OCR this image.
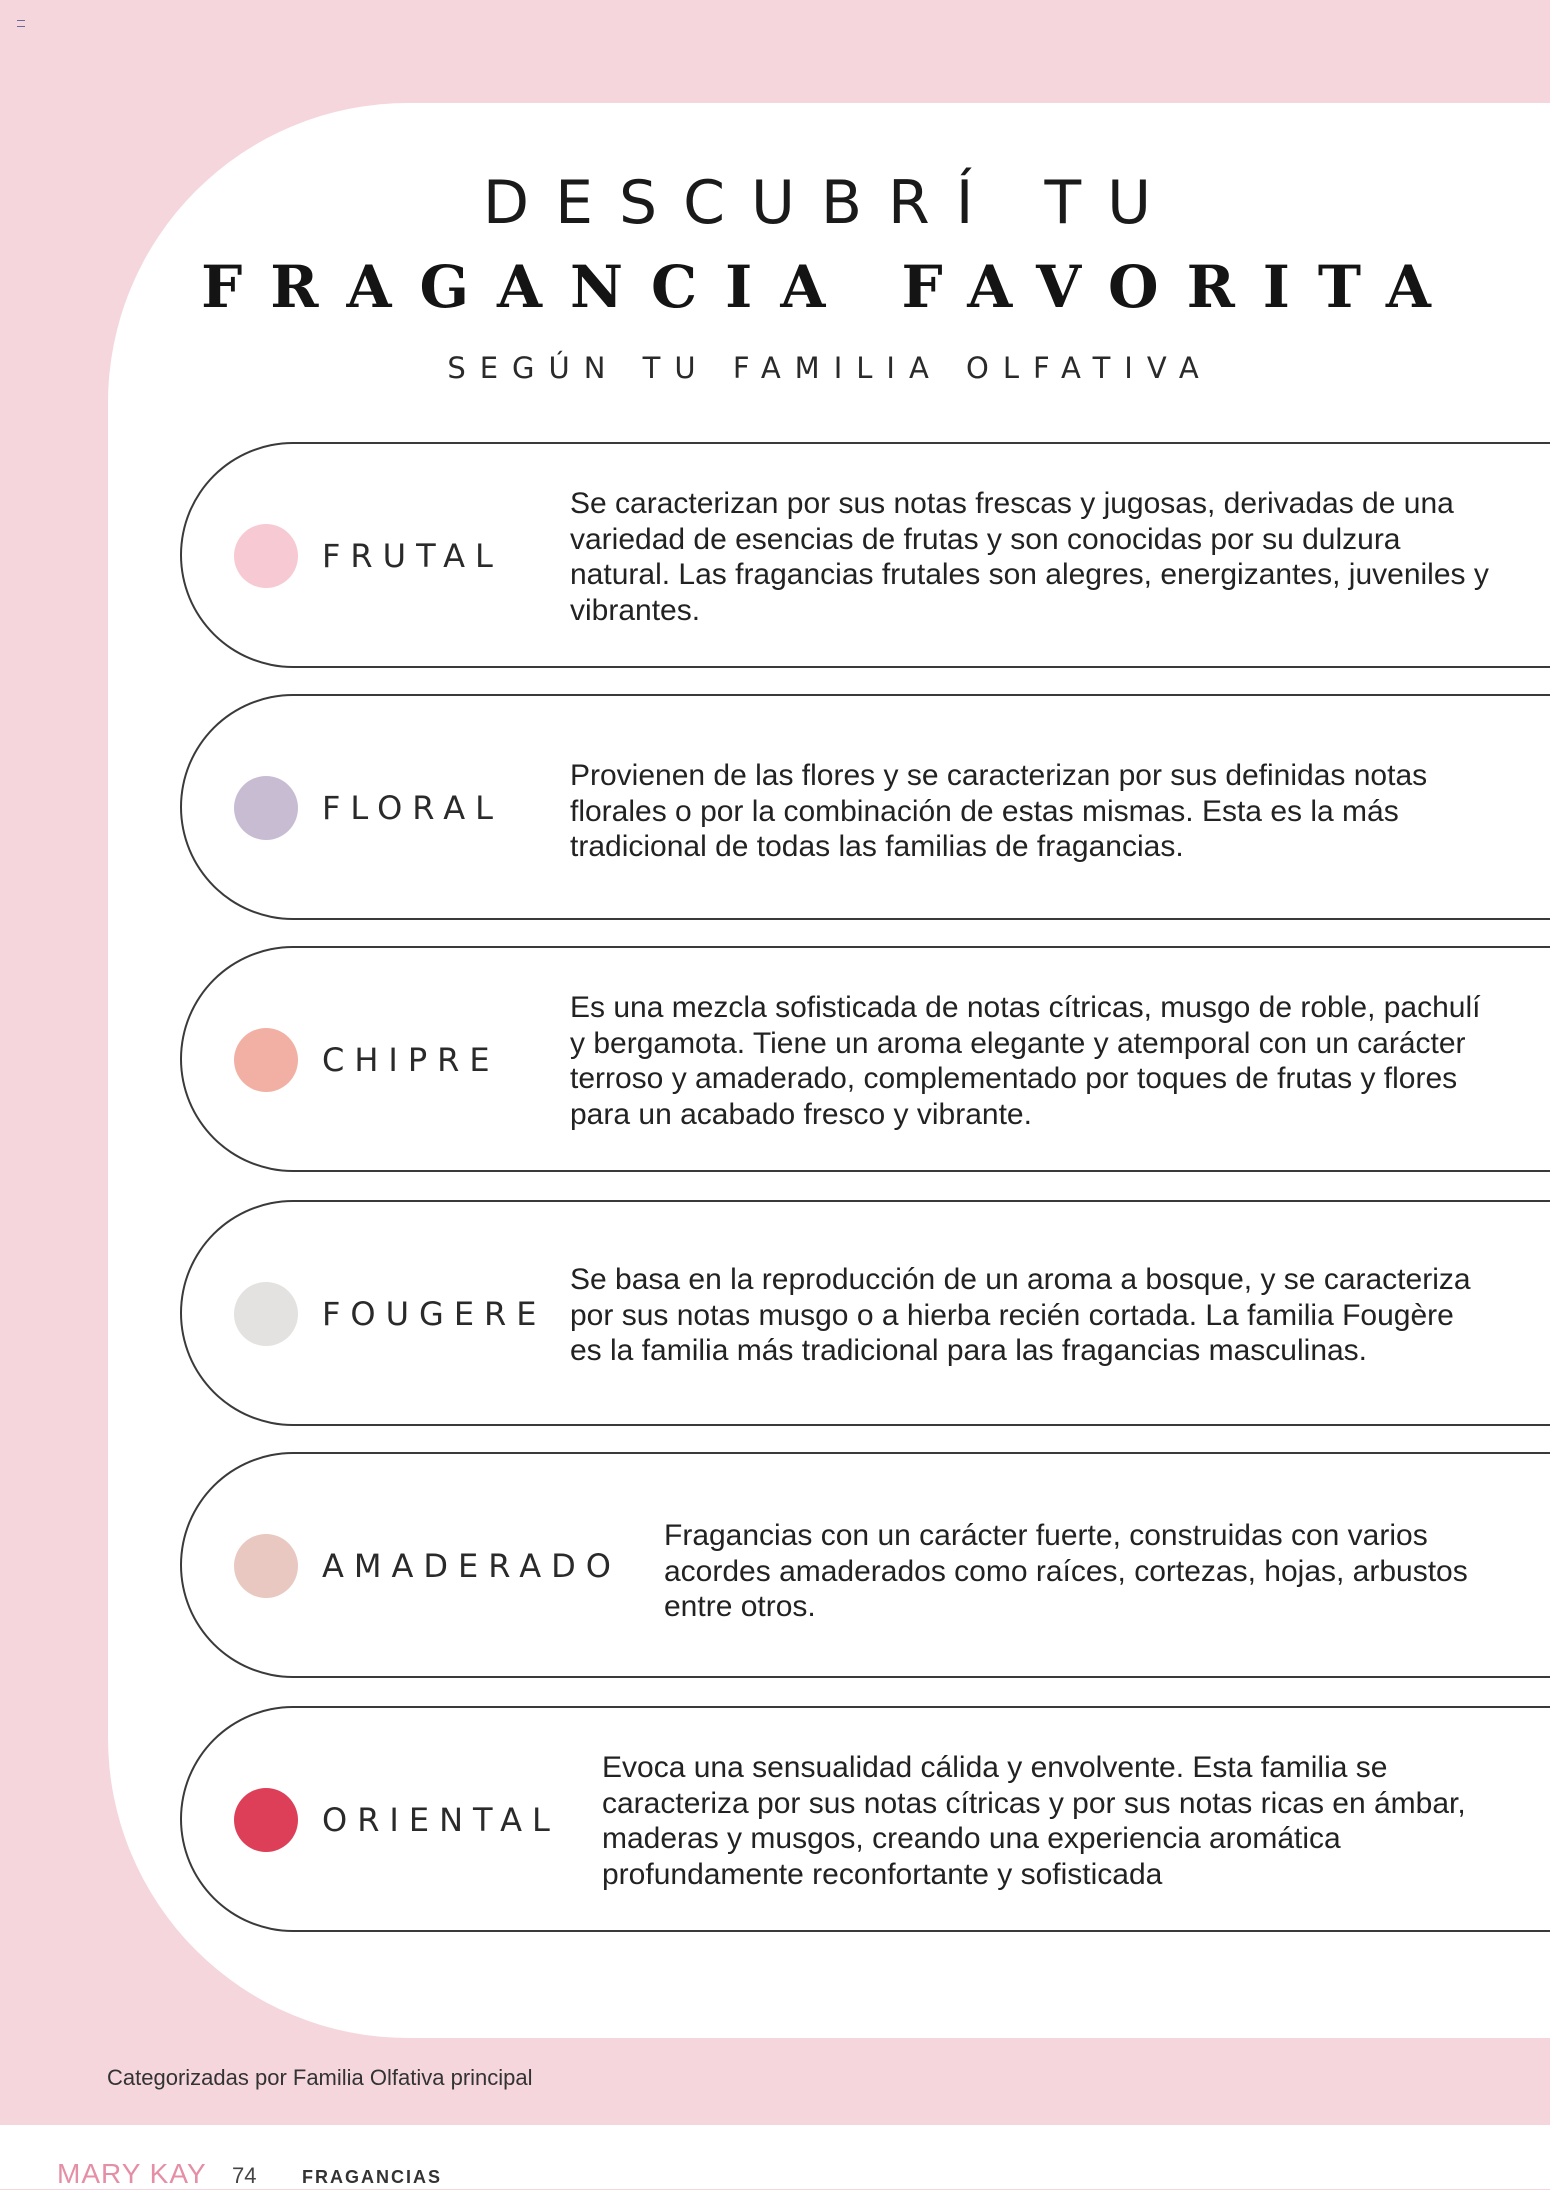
DESCUBRÍ TU
FRAGANCIA FAVORITA
SEGÚN TU FAMILIA OLFATIVA
FRUTAL
Se caracterizan por sus notas frescas y jugosas, derivadas de una variedad de esencias de frutas y son conocidas por su dulzura natural. Las fragancias frutales son alegres, energizantes, juveniles y vibrantes.
FLORAL
Provienen de las flores y se caracterizan por sus definidas notas florales o por la combinación de estas mismas. Esta es la más tradicional de todas las familias de fragancias.
CHIPRE
Es una mezcla sofisticada de notas cítricas, musgo de roble, pachulí y bergamota. Tiene un aroma elegante y atemporal con un carácter terroso y amaderado, complementado por toques de frutas y flores para un acabado fresco y vibrante.
FOUGERE
Se basa en la reproducción de un aroma a bosque, y se caracteriza por sus notas musgo o a hierba recién cortada. La familia Fougère es la familia más tradicional para las fragancias masculinas.
AMADERADO
Fragancias con un carácter fuerte, construidas con varios acordes amaderados como raíces, cortezas, hojas, arbustos entre otros.
ORIENTAL
Evoca una sensualidad cálida y envolvente. Esta familia se caracteriza por sus notas cítricas y por sus notas ricas en ámbar, maderas y musgos, creando una experiencia aromática profundamente reconfortante y sofisticada
Categorizadas por Familia Olfativa principal
MARY KAY 74	FRAGANCIAS
